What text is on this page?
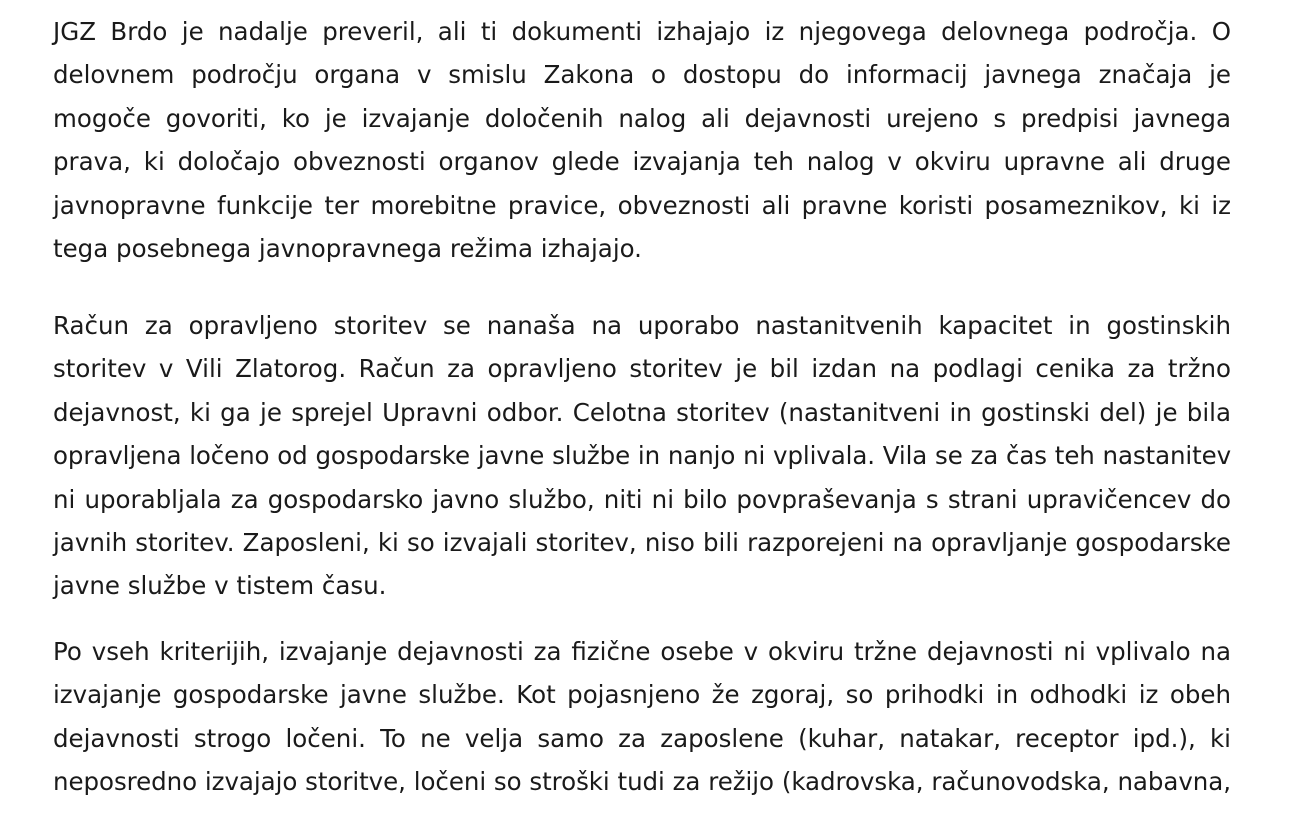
JGZ Brdo je nadalje preveril, ali ti dokumenti izhajajo iz njegovega delovnega področja. O
delovnem področju organa v smislu Zakona o dostopu do informacij javnega značaja je
mogoče govoriti, ko je izvajanje določenih nalog ali dejavnosti urejeno s predpisi javnega
prava, ki določajo obveznosti organov glede izvajanja teh nalog v okviru upravne ali druge
javnopravne funkcije ter morebitne pravice, obveznosti ali pravne koristi posameznikov, ki iz
tega posebnega javnopravnega režima izhajajo.
Račun za opravljeno storitev se nanaša na uporabo nastanitvenih kapacitet in gostinskih
storitev v Vili Zlatorog. Račun za opravljeno storitev je bil izdan na podlagi cenika za tržno
dejavnost, ki ga je sprejel Upravni odbor. Celotna storitev (nastanitveni in gostinski del) je bila
opravljena ločeno od gospodarske javne službe in nanjo ni vplivala. Vila se za čas teh nastanitev
ni uporabljala za gospodarsko javno službo, niti ni bilo povpraševanja s strani upravičencev do
javnih storitev. Zaposleni, ki so izvajali storitev, niso bili razporejeni na opravljanje gospodarske
javne službe v tistem času.
Po vseh kriterijih, izvajanje dejavnosti za fizične osebe v okviru tržne dejavnosti ni vplivalo na
izvajanje gospodarske javne službe. Kot pojasnjeno že zgoraj, so prihodki in odhodki iz obeh
dejavnosti strogo ločeni. To ne velja samo za zaposlene (kuhar, natakar, receptor ipd.), ki
neposredno izvajajo storitve, ločeni so stroški tudi za režijo (kadrovska, računovodska, nabavna,
